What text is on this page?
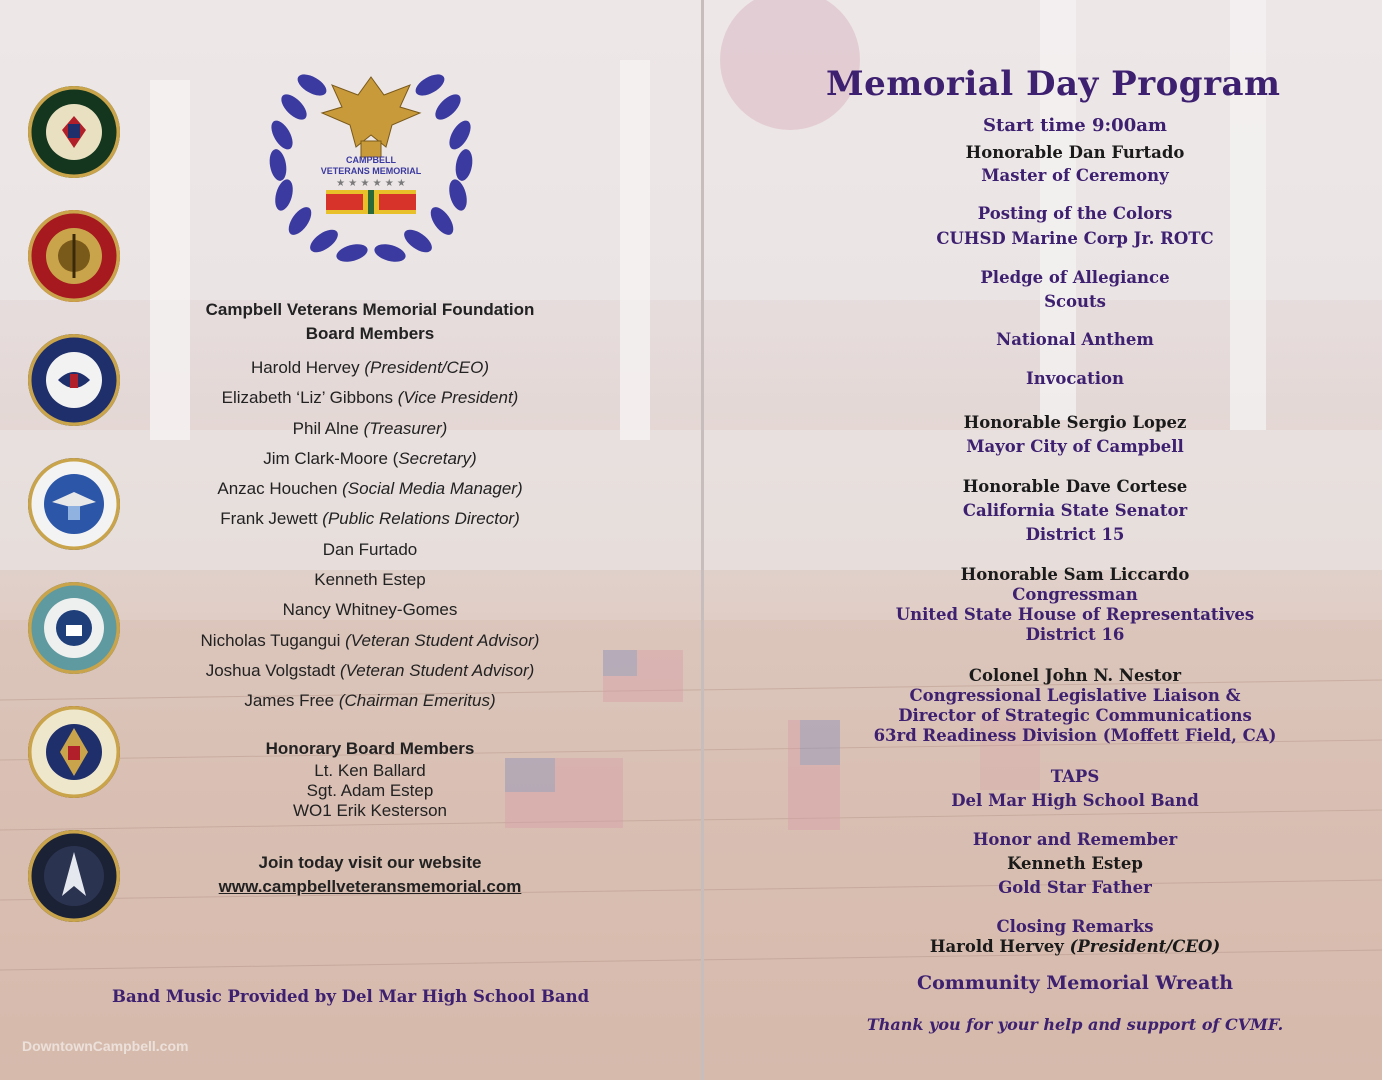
CAMPBELL
VETERANS MEMORIAL
★ ★ ★ ★ ★ ★
Campbell Veterans Memorial Foundation
Board Members
Harold Hervey (President/CEO)
Elizabeth ‘Liz’ Gibbons (Vice President)
Phil Alne (Treasurer)
Jim Clark-Moore (Secretary)
Anzac Houchen (Social Media Manager)
Frank Jewett (Public Relations Director)
Dan Furtado
Kenneth Estep
Nancy Whitney-Gomes
Nicholas Tugangui (Veteran Student Advisor)
Joshua Volgstadt (Veteran Student Advisor)
James Free (Chairman Emeritus)
Honorary Board Members
Lt. Ken Ballard
Sgt. Adam Estep
WO1 Erik Kesterson
Join today visit our website
www.campbellveteransmemorial.com
Band Music Provided by Del Mar High School Band
DowntownCampbell.com
Memorial Day Program
Start time 9:00am
Honorable Dan Furtado
Master of Ceremony
Posting of the Colors
CUHSD Marine Corp Jr. ROTC
Pledge of Allegiance
Scouts
National Anthem
Invocation
Honorable Sergio Lopez
Mayor City of Campbell
Honorable Dave Cortese
California State Senator
District 15
Honorable Sam Liccardo
Congressman
United State House of Representatives
District 16
Colonel John N. Nestor
Congressional Legislative Liaison &
Director of Strategic Communications
63rd Readiness Division (Moffett Field, CA)
TAPS
Del Mar High School Band
Honor and Remember
Kenneth Estep
Gold Star Father
Closing Remarks
Harold Hervey (President/CEO)
Community Memorial Wreath
Thank you for your help and support of CVMF.
